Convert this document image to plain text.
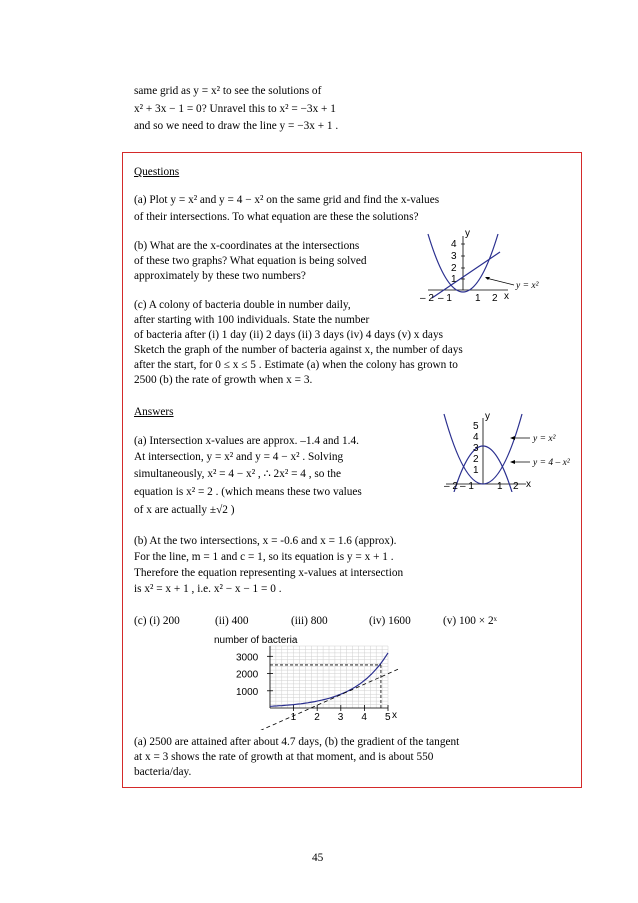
same grid as y = x² to see the solutions of
x² + 3x − 1 = 0? Unravel this to x² = −3x + 1
and so we need to draw the line y = −3x + 1 .
Questions
(a) Plot y = x² and y = 4 − x² on the same grid and find the x-values
of their intersections. To what equation are these the solutions?
(b) What are the x-coordinates at the intersections
of these two graphs? What equation is being solved
approximately by these two numbers?
(c) A colony of bacteria double in number daily,
after starting with 100 individuals. State the number
of bacteria after (i) 1 day (ii) 2 days (ii) 3 days (iv) 4 days (v) x days
Sketch the graph of the number of bacteria against x, the number of days
after the start, for 0 ≤ x ≤ 5 . Estimate (a) when the colony has grown to
2500 (b) the rate of growth when x = 3.
y
x
4
3
2
1
– 2 – 1 1 2
y = x²
Answers
(a) Intersection x-values are approx. –1.4 and 1.4.
At intersection, y = x² and y = 4 − x² . Solving
simultaneously, x² = 4 − x² , ∴ 2x² = 4 , so the
equation is x² = 2 . (which means these two values
of x are actually ±√2 )
y
x
5
4
3
2
1
– 2 – 1 1 2
y = x²
y = 4 – x²
(b) At the two intersections, x = -0.6 and x = 1.6 (approx).
For the line, m = 1 and c = 1, so its equation is y = x + 1 .
Therefore the equation representing x-values at intersection
is x² = x + 1 , i.e. x² − x − 1 = 0 .
(c) (i) 200	(ii) 400	(iii) 800	(iv) 1600	(v) 100 × 2ˣ
number of bacteria
1 2 3 4 5
1000
2000
3000
x
(a) 2500 are attained after about 4.7 days, (b) the gradient of the tangent
at x = 3 shows the rate of growth at that moment, and is about 550
bacteria/day.
45
